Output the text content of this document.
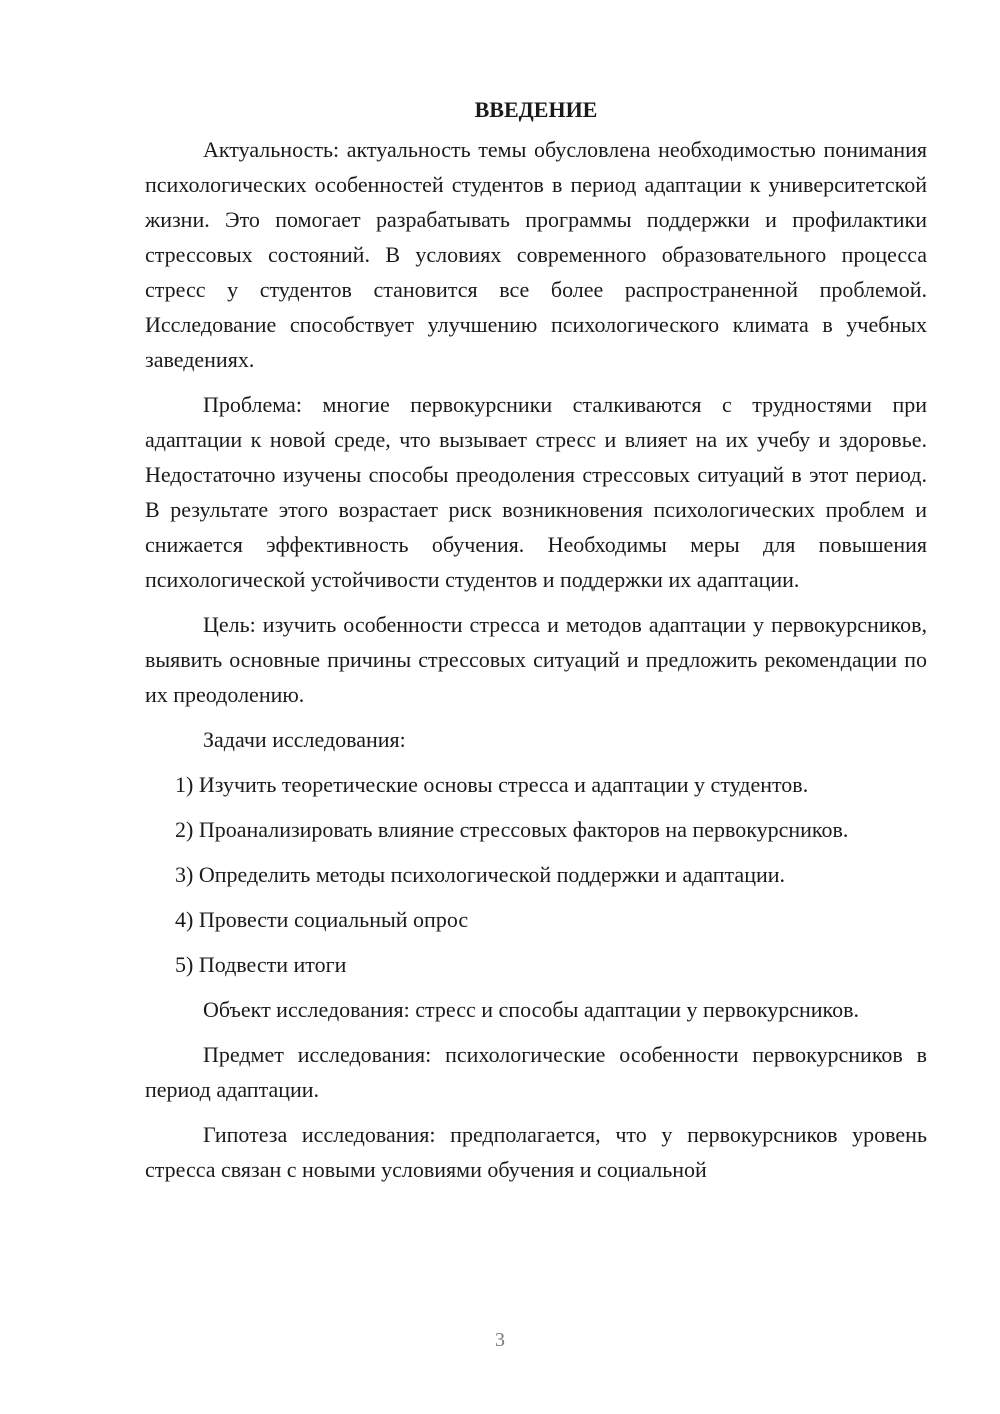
ВВЕДЕНИЕ

Актуальность: актуальность темы обусловлена необходимостью понимания психологических особенностей студентов в период адаптации к университетской жизни. Это помогает разрабатывать программы поддержки и профилактики стрессовых состояний. В условиях современного образовательного процесса стресс у студентов становится все более распространенной проблемой. Исследование способствует улучшению психологического климата в учебных заведениях.

Проблема: многие первокурсники сталкиваются с трудностями при адаптации к новой среде, что вызывает стресс и влияет на их учебу и здоровье. Недостаточно изучены способы преодоления стрессовых ситуаций в этот период. В результате этого возрастает риск возникновения психологических проблем и снижается эффективность обучения. Необходимы меры для повышения психологической устойчивости студентов и поддержки их адаптации.

Цель: изучить особенности стресса и методов адаптации у первокурсников, выявить основные причины стрессовых ситуаций и предложить рекомендации по их преодолению.

Задачи исследования:

1) Изучить теоретические основы стресса и адаптации у студентов.

2) Проанализировать влияние стрессовых факторов на первокурсников.

3) Определить методы психологической поддержки и адаптации.

4) Провести социальный опрос

5) Подвести итоги

Объект исследования: стресс и способы адаптации у первокурсников.

Предмет исследования: психологические особенности первокурсников в период адаптации.

Гипотеза исследования: предполагается, что у первокурсников уровень стресса связан с новыми условиями обучения и социальной

3
